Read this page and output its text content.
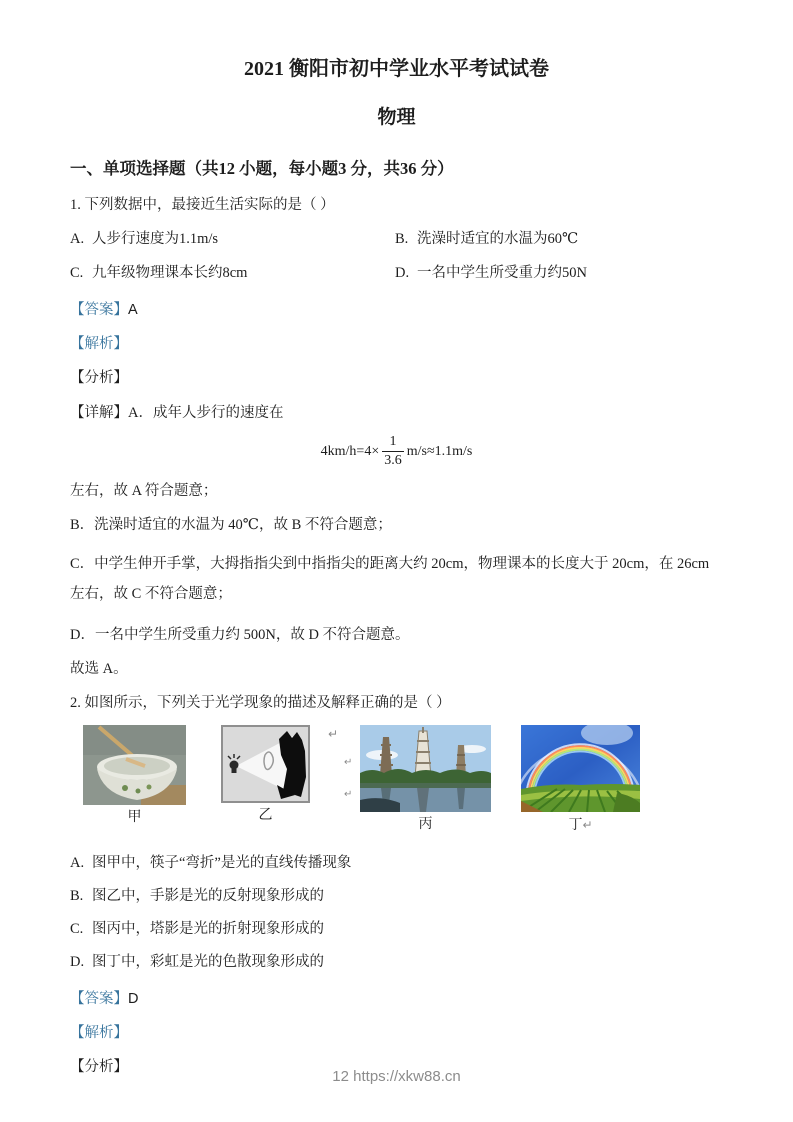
2021 衡阳市初中学业水平考试试卷
物理
一、单项选择题（共12 小题，每小题3 分，共36 分）

1. 下列数据中，最接近生活实际的是（ ）

A. 人步行速度为1.1m/s	B. 洗澡时适宜的水温为60℃
C. 九年级物理课本长约8cm	D. 一名中学生所受重力约50N

【答案】A

【解析】

【分析】

【详解】A．成年人步行的速度在

$4km/h=4\times \frac{1}{3.6} m/s\approx 1.1m/s$

左右，故 A 符合题意；

B．洗澡时适宜的水温为 40℃，故 B 不符合题意；

C．中学生伸开手掌，大拇指指尖到中指指尖的距离大约 20cm，物理课本的长度大于 20cm，在 26cm 左右，故 C 不符合题意；

D．一名中学生所受重力约 500N，故 D 不符合题意。

故选 A。

2. 如图所示，下列关于光学现象的描述及解释正确的是（ ）

甲	乙
↵
↵
↵
丙	丁↵

A. 图甲中，筷子“弯折”是光的直线传播现象

B. 图乙中，手影是光的反射现象形成的

C. 图丙中，塔影是光的折射现象形成的

D. 图丁中，彩虹是光的色散现象形成的

【答案】D

【解析】

【分析】

12 https://xkw88.cn
